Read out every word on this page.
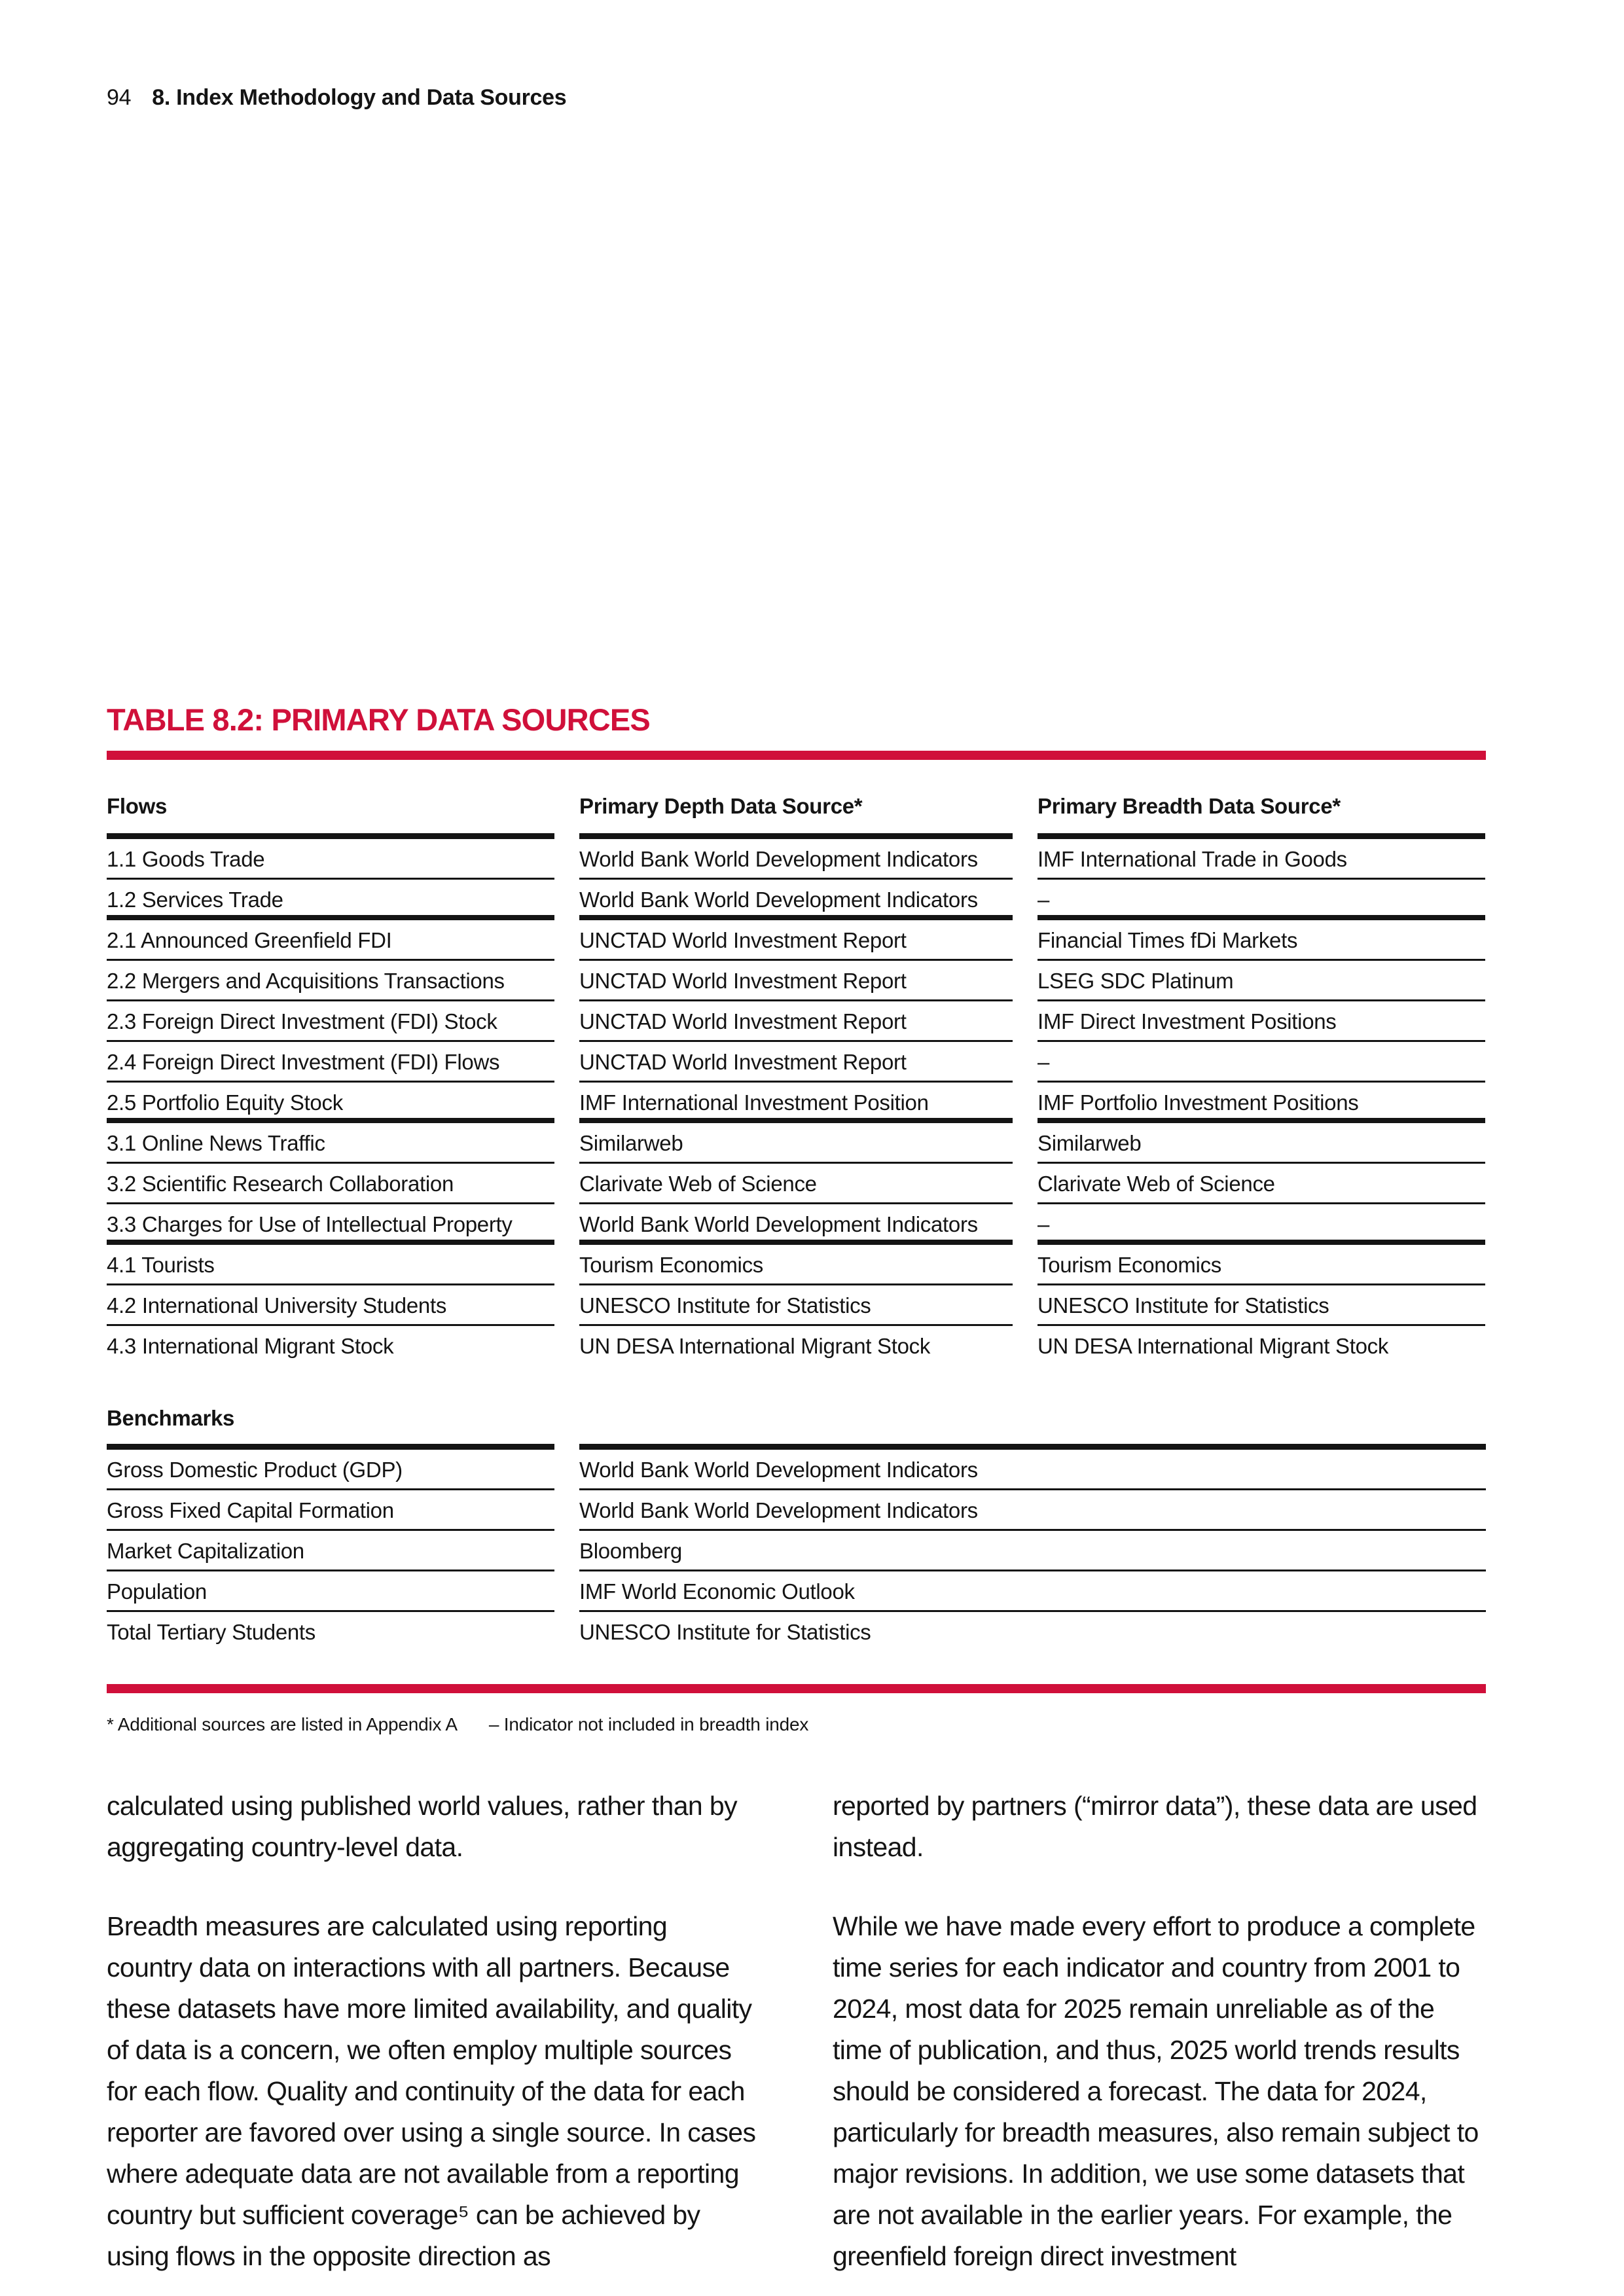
94 8. Index Methodology and Data Sources
TABLE 8.2: PRIMARY DATA SOURCES
Flows	Primary Depth Data Source*	Primary Breadth Data Source*
1.1 Goods Trade	World Bank World Development Indicators	IMF International Trade in Goods
1.2 Services Trade	World Bank World Development Indicators	–
2.1 Announced Greenfield FDI	UNCTAD World Investment Report	Financial Times fDi Markets
2.2 Mergers and Acquisitions Transactions	UNCTAD World Investment Report	LSEG SDC Platinum
2.3 Foreign Direct Investment (FDI) Stock	UNCTAD World Investment Report	IMF Direct Investment Positions
2.4 Foreign Direct Investment (FDI) Flows	UNCTAD World Investment Report	–
2.5 Portfolio Equity Stock	IMF International Investment Position	IMF Portfolio Investment Positions
3.1 Online News Traffic	Similarweb	Similarweb
3.2 Scientific Research Collaboration	Clarivate Web of Science	Clarivate Web of Science
3.3 Charges for Use of Intellectual Property	World Bank World Development Indicators	–
4.1 Tourists	Tourism Economics	Tourism Economics
4.2 International University Students	UNESCO Institute for Statistics	UNESCO Institute for Statistics
4.3 International Migrant Stock	UN DESA International Migrant Stock	UN DESA International Migrant Stock
Benchmarks
Gross Domestic Product (GDP)	World Bank World Development Indicators
Gross Fixed Capital Formation	World Bank World Development Indicators
Market Capitalization	Bloomberg
Population	IMF World Economic Outlook
Total Tertiary Students	UNESCO Institute for Statistics
* Additional sources are listed in Appendix A – Indicator not included in breadth index

calculated using published world values, rather than by aggregating country-level data.

Breadth measures are calculated using reporting country data on interactions with all partners. Because these datasets have more limited availability, and quality of data is a concern, we often employ multiple sources for each flow. Quality and continuity of the data for each reporter are favored over using a single source. In cases where adequate data are not available from a reporting country but sufficient coverage⁵ can be achieved by using flows in the opposite direction as

reported by partners (“mirror data”), these data are used instead.

While we have made every effort to produce a complete time series for each indicator and country from 2001 to 2024, most data for 2025 remain unreliable as of the time of publication, and thus, 2025 world trends results should be considered a forecast. The data for 2024, particularly for breadth measures, also remain subject to major revisions. In addition, we use some datasets that are not available in the earlier years. For example, the greenfield foreign direct investment
